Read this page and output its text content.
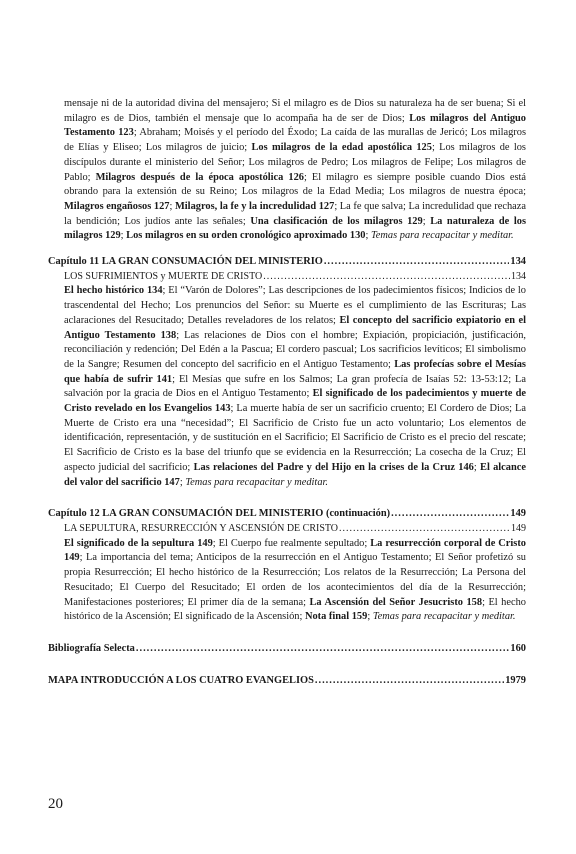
mensaje ni de la autoridad divina del mensajero; Si el milagro es de Dios su naturaleza ha de ser buena; Si el milagro es de Dios, también el mensaje que lo acompaña ha de ser de Dios; Los milagros del Antiguo Testamento 123; Abraham; Moisés y el período del Éxodo; La caída de las murallas de Jericó; Los milagros de Elías y Eliseo; Los milagros de juicio; Los milagros de la edad apostólica 125; Los milagros de los discípulos durante el ministerio del Señor; Los milagros de Pedro; Los milagros de Felipe; Los milagros de Pablo; Milagros después de la época apostólica 126; El milagro es siempre posible cuando Dios está obrando para la extensión de su Reino; Los milagros de la Edad Media; Los milagros de nuestra época; Milagros engañosos 127; Milagros, la fe y la incredulidad 127; La fe que salva; La incredulidad que rechaza la bendición; Los judíos ante las señales; Una clasificación de los milagros 129; La naturaleza de los milagros 129; Los milagros en su orden cronológico aproximado 130; Temas para recapacitar y meditar.
Capítulo 11 LA GRAN CONSUMACIÓN DEL MINISTERIO .....	134
LOS SUFRIMIENTOS y MUERTE DE CRISTO .....	134
El hecho histórico 134; El “Varón de Dolores”; Las descripciones de los padecimientos físicos; Indicios de lo trascendental del Hecho; Los prenuncios del Señor: su Muerte es el cumplimiento de las Escrituras; Las aclaraciones del Resucitado; Detalles reveladores de los relatos; El concepto del sacrificio expiatorio en el Antiguo Testamento 138; Las relaciones de Dios con el hombre; Expiación, propiciación, justificación, reconciliación y redención; Del Edén a la Pascua; El cordero pascual; Los sacrificios levíticos; El simbolismo de la Sangre; Resumen del concepto del sacrificio en el Antiguo Testamento; Las profecías sobre el Mesías que había de sufrir 141; El Mesías que sufre en los Salmos; La gran profecía de Isaías 52: 13-53:12; La salvación por la gracia de Dios en el Antiguo Testamento; El significado de los padecimientos y muerte de Cristo revelado en los Evangelios 143; La muerte había de ser un sacrificio cruento; El Cordero de Dios; La Muerte de Cristo era una “necesidad”; El Sacrificio de Cristo fue un acto voluntario; Los elementos de identificación, representación, y de sustitución en el Sacrificio; El Sacrificio de Cristo es el precio del rescate; El Sacrificio de Cristo es la base del triunfo que se evidencia en la Resurrección; La cosecha de la Cruz; El aspecto judicial del sacrificio; Las relaciones del Padre y del Hijo en la crises de la Cruz 146; El alcance del valor del sacrificio 147; Temas para recapacitar y meditar.
Capítulo 12 LA GRAN CONSUMACIÓN DEL MINISTERIO (continuación) .....	149
LA SEPULTURA, RESURRECCIÓN Y ASCENSIÓN DE CRISTO .....	149
El significado de la sepultura 149; El Cuerpo fue realmente sepultado; La resurrección corporal de Cristo 149; La importancia del tema; Anticipos de la resurrección en el Antiguo Testamento; El Señor profetizó su propia Resurrección; El hecho histórico de la Resurrección; Los relatos de la Resurrección; La Persona del Resucitado; El Cuerpo del Resucitado; El orden de los acontecimientos del día de la Resurrección; Manifestaciones posteriores; El primer día de la semana; La Ascensión del Señor Jesucristo 158; El hecho histórico de la Ascensión; El significado de la Ascensión; Nota final 159; Temas para recapacitar y meditar.
Bibliografía Selecta .....	160
MAPA INTRODUCCIÓN A LOS CUATRO EVANGELIOS .....	1979
20
